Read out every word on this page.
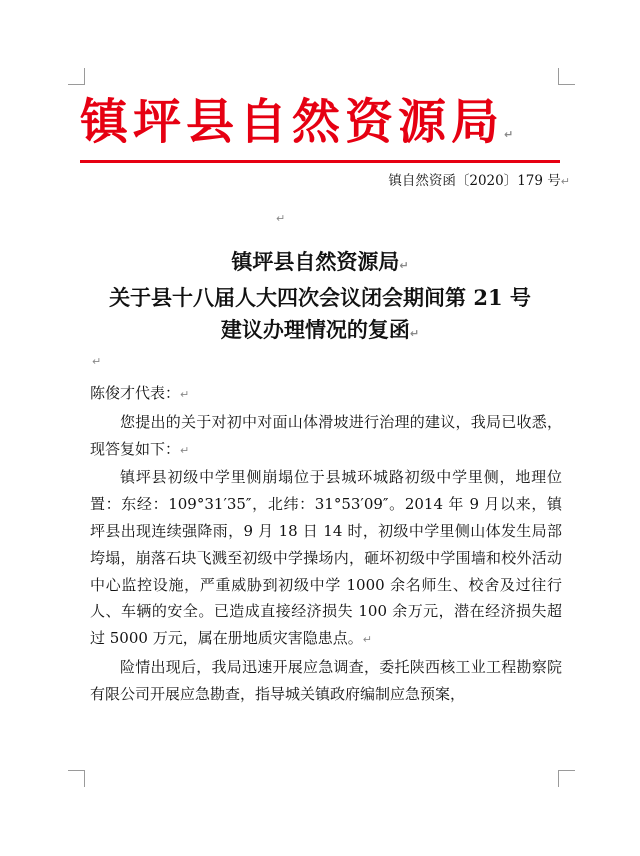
镇坪县自然资源局↵
镇自然资函〔2020〕179 号↵
↵
镇坪县自然资源局↵
关于县十八届人大四次会议闭会期间第 21 号
建议办理情况的复函↵
↵

陈俊才代表：↵

您提出的关于对初中对面山体滑坡进行治理的建议，我局已收悉，现答复如下：↵

镇坪县初级中学里侧崩塌位于县城环城路初级中学里侧，地理位置：东经：109°31′35″，北纬：31°53′09″。2014 年 9 月以来，镇坪县出现连续强降雨，9 月 18 日 14 时，初级中学里侧山体发生局部垮塌，崩落石块飞溅至初级中学操场内，砸坏初级中学围墙和校外活动中心监控设施，严重威胁到初级中学 1000 余名师生、校舍及过往行人、车辆的安全。已造成直接经济损失 100 余万元，潜在经济损失超过 5000 万元，属在册地质灾害隐患点。↵

险情出现后，我局迅速开展应急调查，委托陕西核工业工程勘察院有限公司开展应急勘查，指导城关镇政府编制应急预案，
